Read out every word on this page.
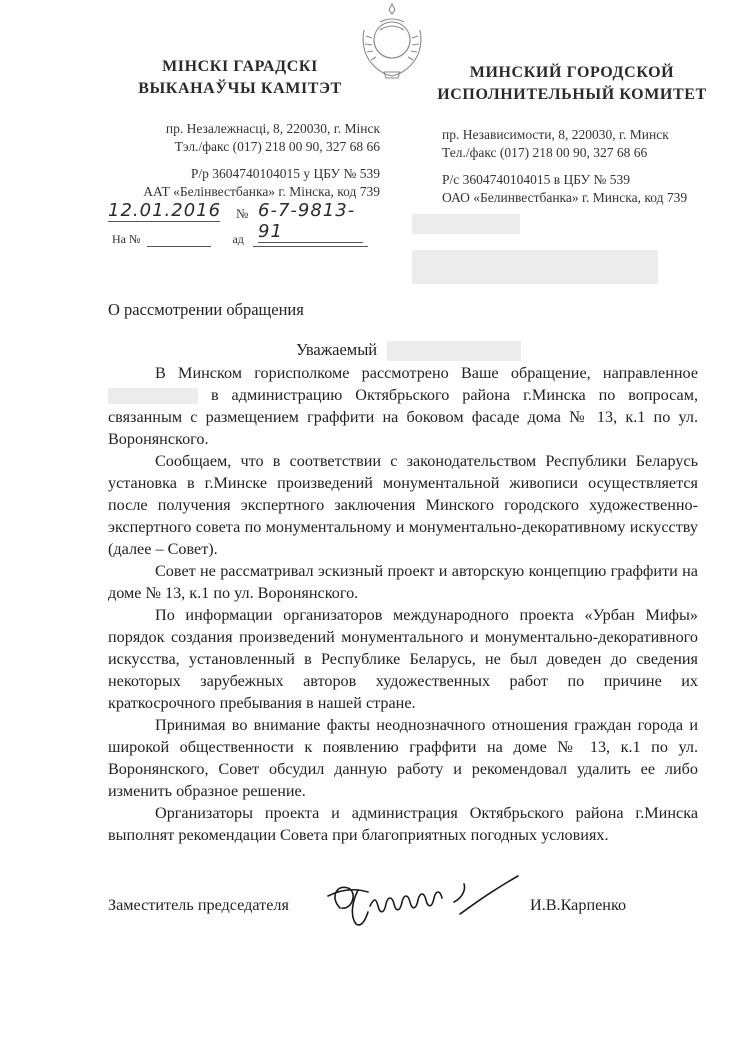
МІНСКІ ГАРАДСКІ
ВЫКАНАЎЧЫ КАМІТЭТ
МИНСКИЙ ГОРОДСКОЙ
ИСПОЛНИТЕЛЬНЫЙ КОМИТЕТ
пр. Незалежнасці, 8, 220030, г. Мінск
Тэл./факс (017) 218 00 90, 327 68 66
Р/р 3604740104015 у ЦБУ № 539
ААТ «Белінвестбанка» г. Мінска, код 739
пр. Независимости, 8, 220030, г. Минск
Тел./факс (017) 218 00 90, 327 68 66
Р/с 3604740104015 в ЦБУ № 539
ОАО «Белинвестбанка» г. Минска, код 739
12.01.2016 № 6-7-9813-91
На №	ад
О рассмотрении обращения
Уважаемый

В Минском горисполкоме рассмотрено Ваше обращение, направленное  в администрацию Октябрьского района г.Минска по вопросам, связанным с размещением граффити на боковом фасаде дома № 13, к.1 по ул. Воронянского.

Сообщаем, что в соответствии с законодательством Республики Беларусь установка в г.Минске произведений монументальной живописи осуществляется после получения экспертного заключения Минского городского художественно-экспертного совета по монументальному и монументально-декоративному искусству (далее – Совет).

Совет не рассматривал эскизный проект и авторскую концепцию граффити на доме № 13, к.1 по ул. Воронянского.

По информации организаторов международного проекта «Урбан Мифы» порядок создания произведений монументального и монументально-декоративного искусства, установленный в Республике Беларусь, не был доведен до сведения некоторых зарубежных авторов художественных работ по причине их краткосрочного пребывания в нашей стране.

Принимая во внимание факты неоднозначного отношения граждан города и широкой общественности к появлению граффити на доме № 13, к.1 по ул. Воронянского, Совет обсудил данную работу и рекомендовал удалить ее либо изменить образное решение.

Организаторы проекта и администрация Октябрьского района г.Минска выполнят рекомендации Совета при благоприятных погодных условиях.

Заместитель председателя	И.В.Карпенко
